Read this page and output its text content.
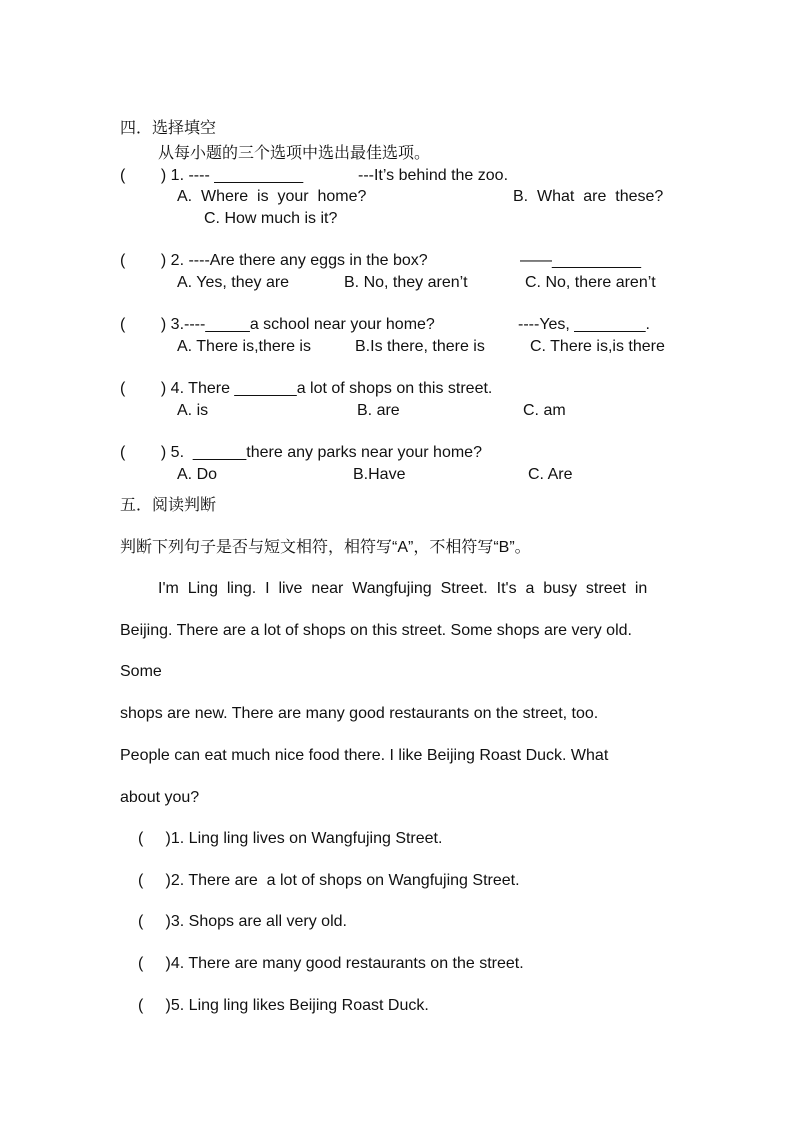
四．选择填空
从每小题的三个选项中选出最佳选项。
(        ) 1. ---- __________	---It’s behind the zoo.
A.  Where  is  your  home?	B.  What  are  these?
C. How much is it?
(        ) 2. ----Are there any eggs in the box?	——__________
A. Yes, they are	B. No, they aren’t	C. No, there aren’t
(        ) 3.----_____a school near your home?	----Yes, ________.
A. There is,there is	B.Is there, there is	C. There is,is there
(        ) 4. There _______a lot of shops on this street.
A. is	B. are	C. am
(        ) 5.  ______there any parks near your home?
A. Do	B.Have	C. Are
五．阅读判断
判断下列句子是否与短文相符，相符写“A”，不相符写“B”。
I'm  Ling  ling.  I  live  near  Wangfujing  Street.  It's  a  busy  street  in
Beijing. There are a lot of shops on this street. Some shops are very old.
Some
shops are new. There are many good restaurants on the street, too.
People can eat much nice food there. I like Beijing Roast Duck. What
about you?
(     )1. Ling ling lives on Wangfujing Street.
(     )2. There are  a lot of shops on Wangfujing Street.
(     )3. Shops are all very old.
(     )4. There are many good restaurants on the street.
(     )5. Ling ling likes Beijing Roast Duck.
